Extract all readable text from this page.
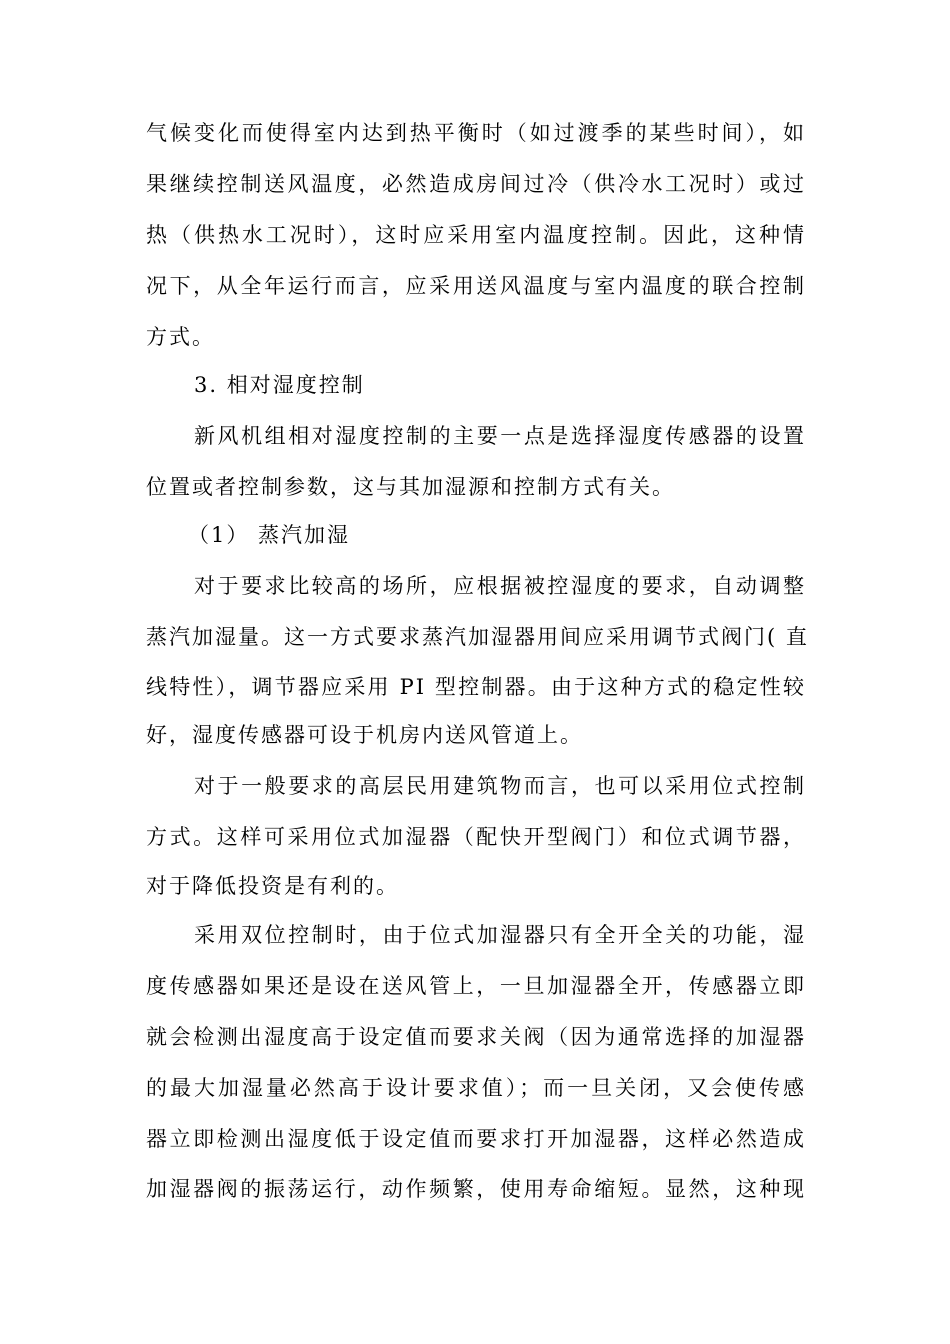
气候变化而使得室内达到热平衡时（如过渡季的某些时间），如
果继续控制送风温度，必然造成房间过冷（供冷水工况时）或过
热（供热水工况时），这时应采用室内温度控制。因此，这种情
况下，从全年运行而言，应采用送风温度与室内温度的联合控制
方式。
3. 相对湿度控制
新风机组相对湿度控制的主要一点是选择湿度传感器的设置
位置或者控制参数，这与其加湿源和控制方式有关。
（1） 蒸汽加湿
对于要求比较高的场所，应根据被控湿度的要求，自动调整
蒸汽加湿量。这一方式要求蒸汽加湿器用间应采用调节式阀门( 直
线特性），调节器应采用 PI 型控制器。由于这种方式的稳定性较
好，湿度传感器可设于机房内送风管道上。
对于一般要求的高层民用建筑物而言，也可以采用位式控制
方式。这样可采用位式加湿器（配快开型阀门）和位式调节器，
对于降低投资是有利的。
采用双位控制时，由于位式加湿器只有全开全关的功能，湿
度传感器如果还是设在送风管上，一旦加湿器全开，传感器立即
就会检测出湿度高于设定值而要求关阀（因为通常选择的加湿器
的最大加湿量必然高于设计要求值）；而一旦关闭，又会使传感
器立即检测出湿度低于设定值而要求打开加湿器，这样必然造成
加湿器阀的振荡运行，动作频繁，使用寿命缩短。显然，这种现
